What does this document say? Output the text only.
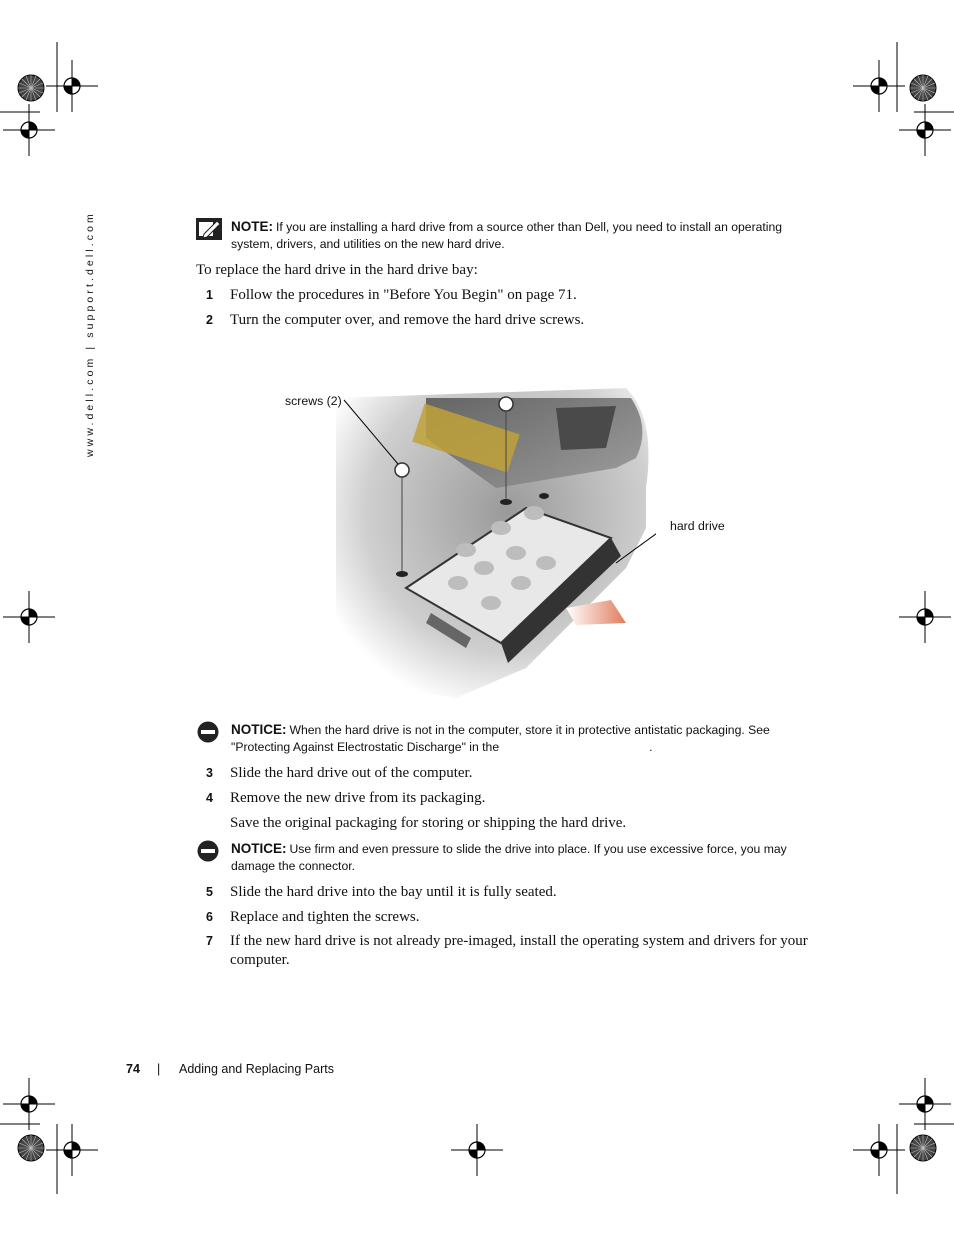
www.dell.com | support.dell.com	NOTE: If you are installing a hard drive from a source other than Dell, you need to install an operating system, drivers, and utilities on the new hard drive.
To replace the hard drive in the hard drive bay:
1 Follow the procedures in "Before You Begin" on page 71.
2 Turn the computer over, and remove the hard drive screws.
screws (2)
hard drive
NOTICE: When the hard drive is not in the computer, store it in protective antistatic packaging. See "Protecting Against Electrostatic Discharge" in the	.
3 Slide the hard drive out of the computer.
4 Remove the new drive from its packaging.
Save the original packaging for storing or shipping the hard drive.
NOTICE: Use firm and even pressure to slide the drive into place. If you use excessive force, you may damage the connector.
5 Slide the hard drive into the bay until it is fully seated.
6 Replace and tighten the screws.
7 If the new hard drive is not already pre-imaged, install the operating system and drivers for your computer.
74 | Adding and Replacing Parts
